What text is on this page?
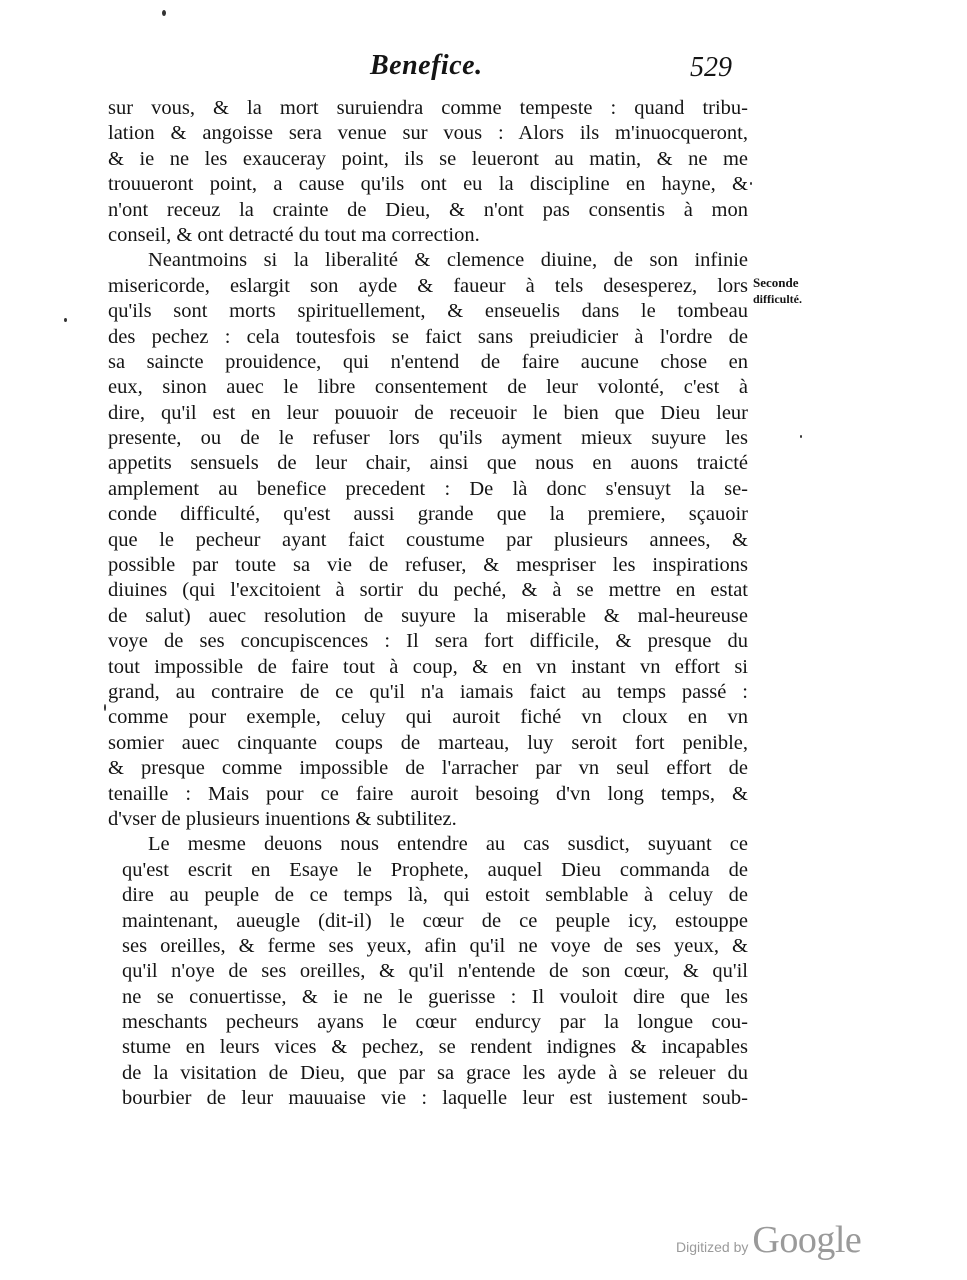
Benefice.	529
sur vous, & la mort suruiendra comme tempeste : quand tribu-
lation & angoisse sera venue sur vous : Alors ils m'inuocqueront,
& ie ne les exauceray point, ils se leueront au matin, & ne me
trouueront point, a cause qu'ils ont eu la discipline en hayne, &
n'ont receuz la crainte de Dieu, & n'ont pas consentis à mon
conseil, & ont detracté du tout ma correction.
Neantmoins si la liberalité & clemence diuine, de son infinie
misericorde, eslargit son ayde & faueur à tels desesperez, lors
qu'ils sont morts spirituellement, & enseuelis dans le tombeau
des pechez : cela toutesfois se faict sans preiudicier à l'ordre de
sa saincte prouidence, qui n'entend de faire aucune chose en
eux, sinon auec le libre consentement de leur volonté, c'est à
dire, qu'il est en leur pouuoir de receuoir le bien que Dieu leur
presente, ou de le refuser lors qu'ils ayment mieux suyure les
appetits sensuels de leur chair, ainsi que nous en auons traicté
amplement au benefice precedent : De là donc s'ensuyt la se-
conde difficulté, qu'est aussi grande que la premiere, sçauoir
que le pecheur ayant faict coustume par plusieurs annees, &
possible par toute sa vie de refuser, & mespriser les inspirations
diuines (qui l'excitoient à sortir du peché, & à se mettre en estat
de salut) auec resolution de suyure la miserable & mal-heureuse
voye de ses concupiscences : Il sera fort difficile, & presque du
tout impossible de faire tout à coup, & en vn instant vn effort si
grand, au contraire de ce qu'il n'a iamais faict au temps passé :
comme pour exemple, celuy qui auroit fiché vn cloux en vn
somier auec cinquante coups de marteau, luy seroit fort penible,
& presque comme impossible de l'arracher par vn seul effort de
tenaille : Mais pour ce faire auroit besoing d'vn long temps, &
d'vser de plusieurs inuentions & subtilitez.
Le mesme deuons nous entendre au cas susdict, suyuant ce
qu'est escrit en Esaye le Prophete, auquel Dieu commanda de
dire au peuple de ce temps là, qui estoit semblable à celuy de
maintenant, aueugle (dit-il) le cœur de ce peuple icy, estouppe
ses oreilles, & ferme ses yeux, afin qu'il ne voye de ses yeux, &
qu'il n'oye de ses oreilles, & qu'il n'entende de son cœur, & qu'il
ne se conuertisse, & ie ne le guerisse : Il vouloit dire que les
meschants pecheurs ayans le cœur endurcy par la longue cou-
stume en leurs vices & pechez, se rendent indignes & incapables
de la visitation de Dieu, que par sa grace les ayde à se releuer du
bourbier de leur mauuaise vie : laquelle leur est iustement soub-
Seconde
difficulté.
Digitized by Google
